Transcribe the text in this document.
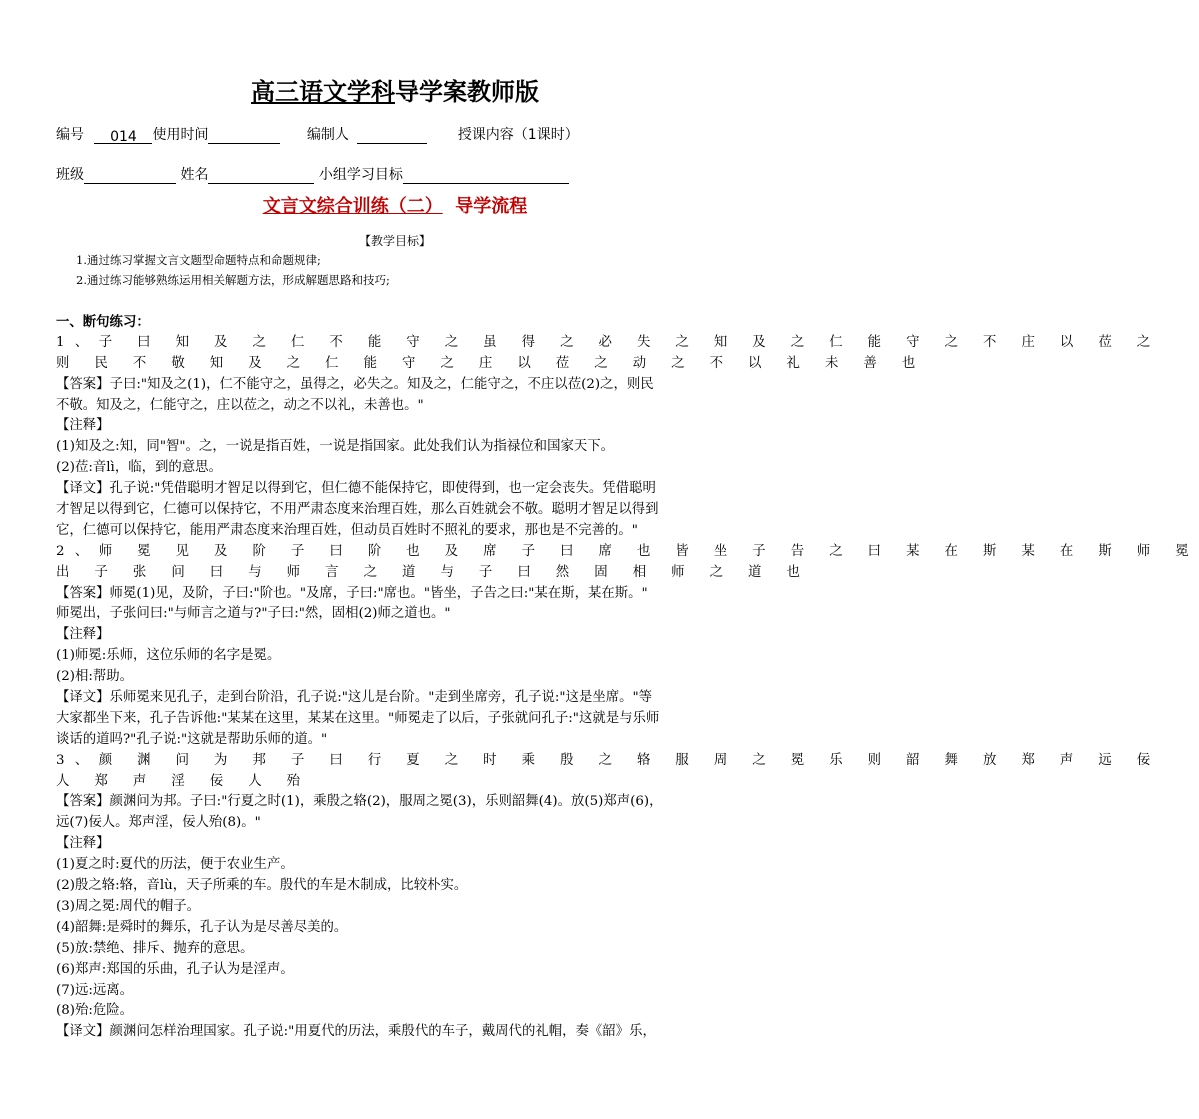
高三语文学科导学案教师版
编号 014 使用时间	编制人	授课内容（1课时）
班级	姓名	小组学习目标
文言文综合训练（二） 导学流程
【教学目标】
1.通过练习掌握文言文题型命题特点和命题规律;
2.通过练习能够熟练运用相关解题方法，形成解题思路和技巧;
一、断句练习：
1、子 曰 知 及 之 仁 不 能 守 之 虽 得 之 必 失 之 知 及 之 仁 能 守 之 不 庄 以 莅 之
则 民 不 敬 知 及 之 仁 能 守 之 庄 以 莅 之 动 之 不 以 礼 未 善 也
【答案】子曰:"知及之(1)，仁不能守之，虽得之，必失之。知及之，仁能守之，不庄以莅(2)之，则民
不敬。知及之，仁能守之，庄以莅之，动之不以礼，未善也。"
【注释】
(1)知及之:知，同"智"。之，一说是指百姓，一说是指国家。此处我们认为指禄位和国家天下。
(2)莅:音lì，临，到的意思。
【译文】孔子说:"凭借聪明才智足以得到它，但仁德不能保持它，即使得到，也一定会丧失。凭借聪明
才智足以得到它，仁德可以保持它，不用严肃态度来治理百姓，那么百姓就会不敬。聪明才智足以得到
它，仁德可以保持它，能用严肃态度来治理百姓，但动员百姓时不照礼的要求，那也是不完善的。"
2、师 冕 见 及 阶 子 曰 阶 也 及 席 子 曰 席 也 皆 坐 子 告 之 曰 某 在 斯 某 在 斯 师 冕
出 子 张 问 曰 与 师 言 之 道 与 子 曰 然 固 相 师 之 道 也
【答案】师冕(1)见，及阶，子曰:"阶也。"及席，子曰:"席也。"皆坐，子告之曰:"某在斯，某在斯。"
师冕出，子张问曰:"与师言之道与?"子曰:"然，固相(2)师之道也。"
【注释】
(1)师冕:乐师，这位乐师的名字是冕。
(2)相:帮助。
【译文】乐师冕来见孔子，走到台阶沿，孔子说:"这儿是台阶。"走到坐席旁，孔子说:"这是坐席。"等
大家都坐下来，孔子告诉他:"某某在这里，某某在这里。"师冕走了以后，子张就问孔子:"这就是与乐师
谈话的道吗?"孔子说:"这就是帮助乐师的道。"
3、颜 渊 问 为 邦 子 曰 行 夏 之 时 乘 殷 之 辂 服 周 之 冕 乐 则 韶 舞 放 郑 声 远 佞
人 郑 声 淫 佞 人 殆
【答案】颜渊问为邦。子曰:"行夏之时(1)，乘殷之辂(2)，服周之冕(3)，乐则韶舞(4)。放(5)郑声(6)，
远(7)佞人。郑声淫，佞人殆(8)。"
【注释】
(1)夏之时:夏代的历法，便于农业生产。
(2)殷之辂:辂，音lù，天子所乘的车。殷代的车是木制成，比较朴实。
(3)周之冕:周代的帽子。
(4)韶舞:是舜时的舞乐，孔子认为是尽善尽美的。
(5)放:禁绝、排斥、抛弃的意思。
(6)郑声:郑国的乐曲，孔子认为是淫声。
(7)远:远离。
(8)殆:危险。
【译文】颜渊问怎样治理国家。孔子说:"用夏代的历法，乘殷代的车子，戴周代的礼帽，奏《韶》乐，
